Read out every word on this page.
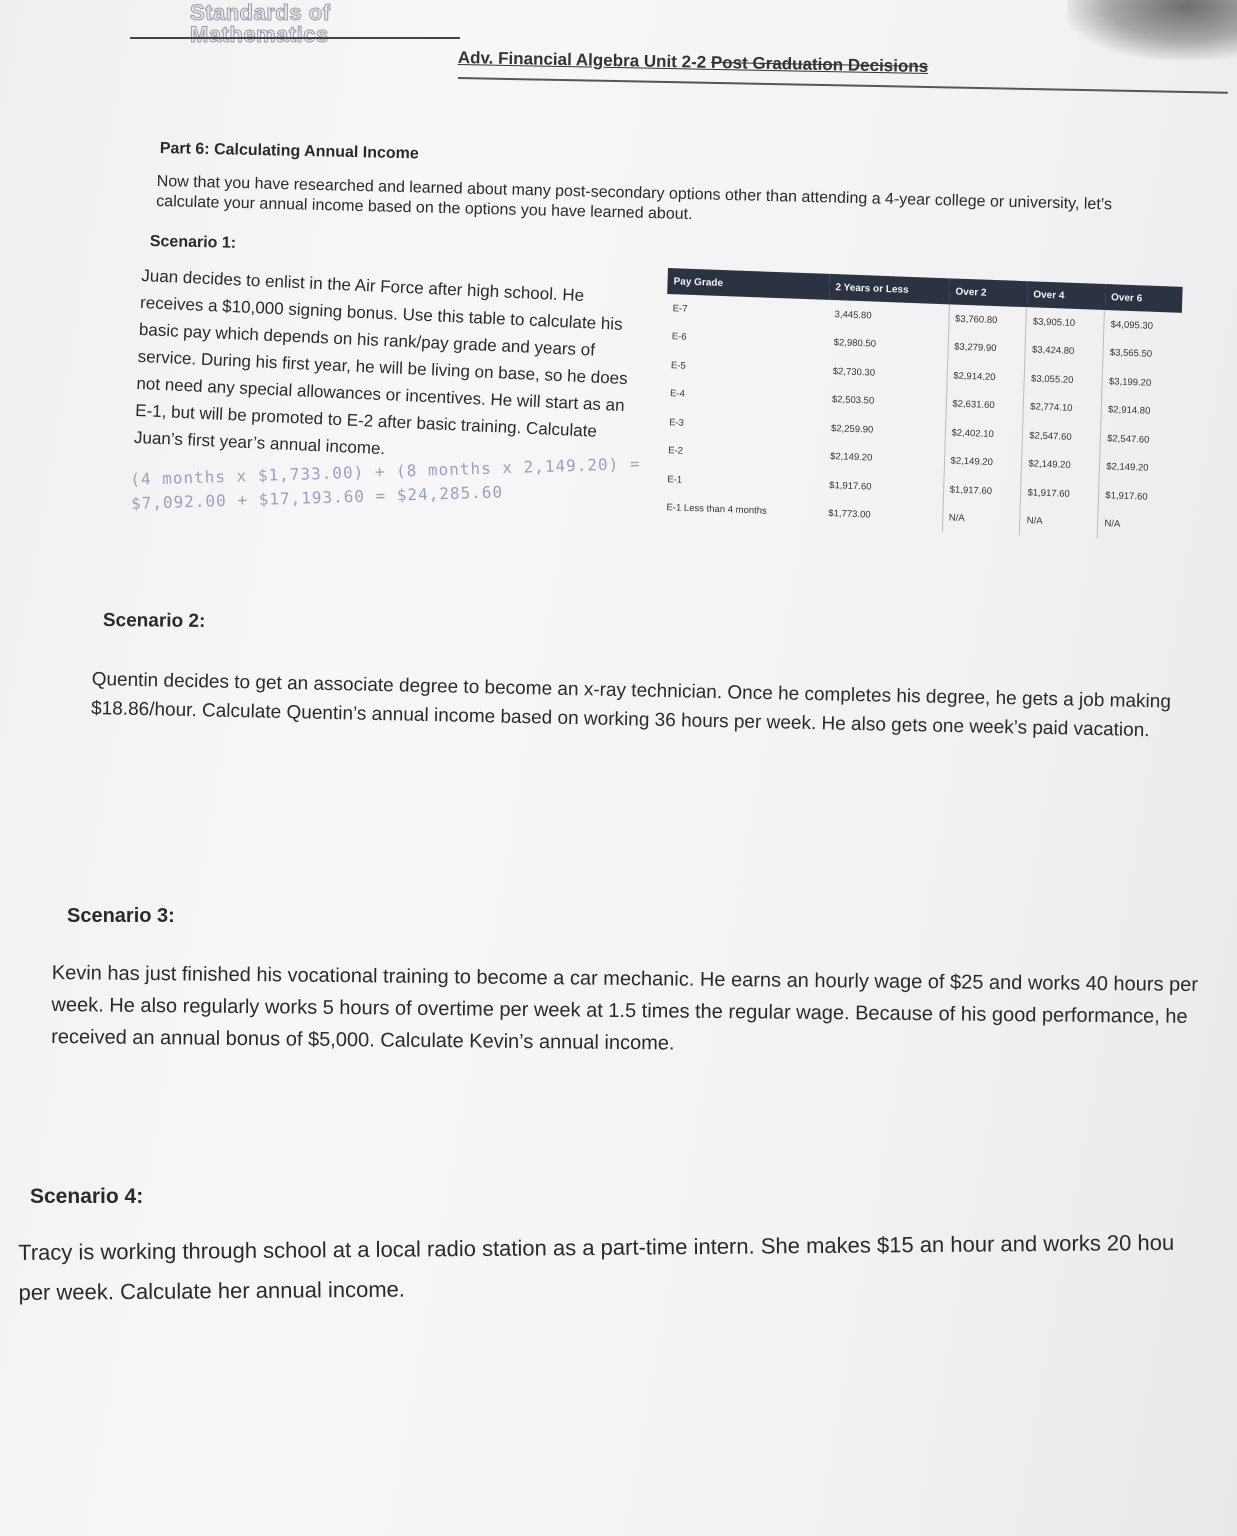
Standards of
Mathematics
Adv. Financial Algebra Unit 2-2 Post Graduation Decisions
Part 6: Calculating Annual Income
Now that you have researched and learned about many post-secondary options other than attending a 4-year college or university, let’s calculate your annual income based on the options you have learned about.
Scenario 1:
Juan decides to enlist in the Air Force after high school. He receives a $10,000 signing bonus. Use this table to calculate his basic pay which depends on his rank/pay grade and years of service. During his first year, he will be living on base, so he does not need any special allowances or incentives. He will start as an E-1, but will be promoted to E-2 after basic training. Calculate Juan’s first year’s annual income.
(4 months x $1,733.00) + (8 months x 2,149.20) =
$7,092.00 + $17,193.60 = $24,285.60
Pay Grade	2 Years or Less	Over 2	Over 4	Over 6
E-7	3,445.80	$3,760.80	$3,905.10	$4,095.30
E-6	$2,980.50	$3,279.90	$3,424.80	$3,565.50
E-5	$2,730.30	$2,914.20	$3,055.20	$3,199.20
E-4	$2,503.50	$2,631.60	$2,774.10	$2,914.80
E-3	$2,259.90	$2,402.10	$2,547.60	$2,547.60
E-2	$2,149.20	$2,149.20	$2,149.20	$2,149.20
E-1	$1,917.60	$1,917.60	$1,917.60	$1,917.60
E-1 Less than 4 months	$1,773.00	N/A	N/A	N/A
Scenario 2:
Quentin decides to get an associate degree to become an x-ray technician. Once he completes his degree, he gets a job making $18.86/hour. Calculate Quentin’s annual income based on working 36 hours per week. He also gets one week’s paid vacation.
Scenario 3:
Kevin has just finished his vocational training to become a car mechanic. He earns an hourly wage of $25 and works 40 hours per week. He also regularly works 5 hours of overtime per week at 1.5 times the regular wage. Because of his good performance, he received an annual bonus of $5,000. Calculate Kevin’s annual income.
Scenario 4:
Tracy is working through school at a local radio station as a part-time intern. She makes $15 an hour and works 20 hou
per week. Calculate her annual income.
